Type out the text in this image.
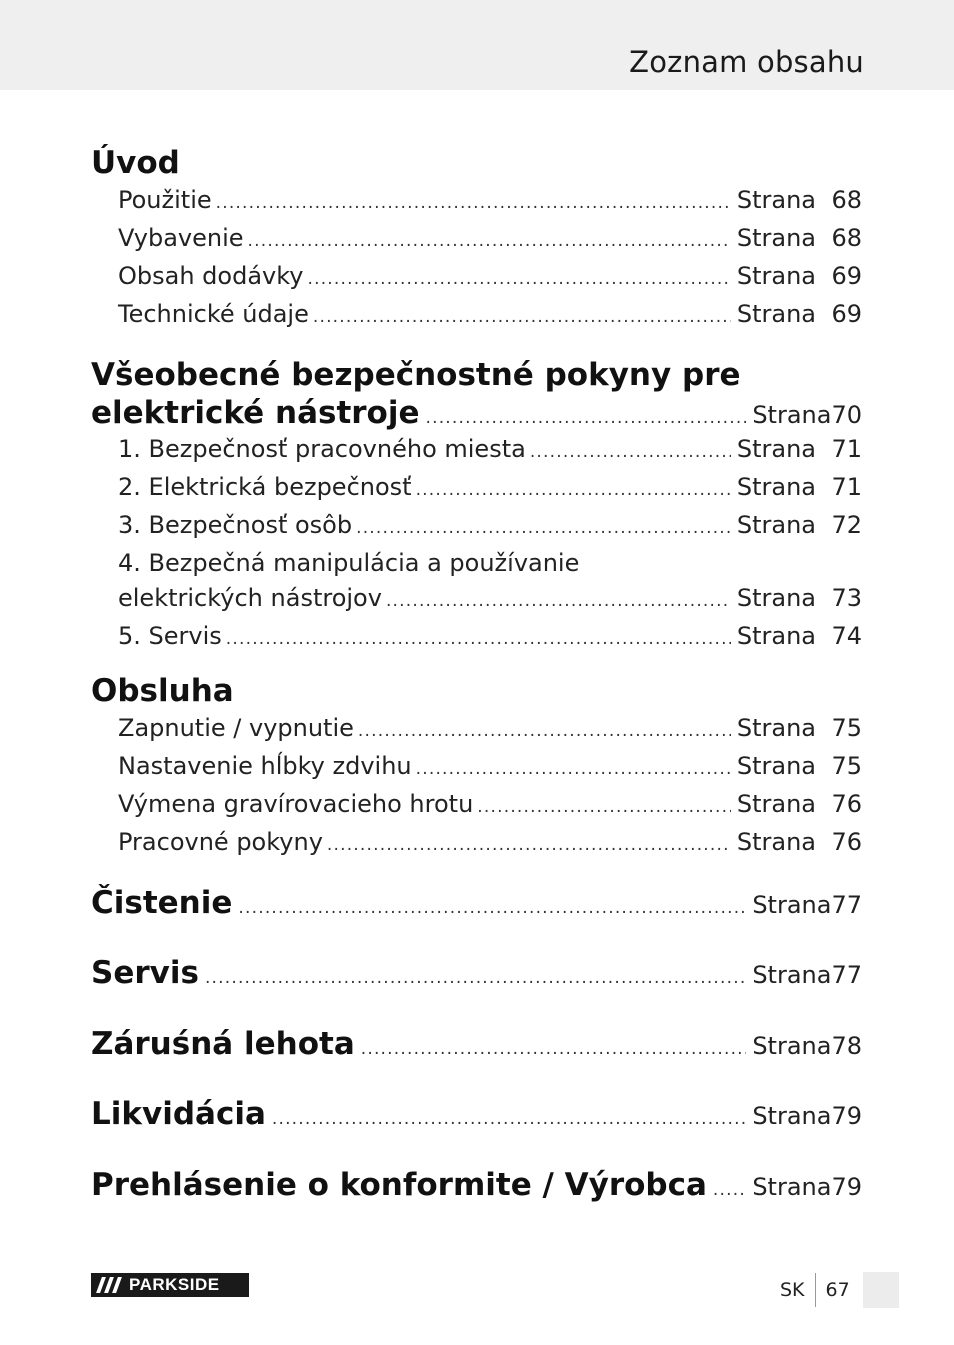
Zoznam obsahu
Úvod
Použitie .....	Strana 68
Vybavenie .....	Strana 68
Obsah dodávky .....	Strana 69
Technické údaje .....	Strana 69
Všeobecné bezpečnostné pokyny pre
elektrické nástroje .....	Strana 70
1. Bezpečnosť pracovného miesta .....	Strana 71
2. Elektrická bezpečnosť .....	Strana 71
3. Bezpečnosť osôb .....	Strana 72
4. Bezpečná manipulácia a používanie
elektrických nástrojov .....	Strana 73
5. Servis .....	Strana 74
Obsluha
Zapnutie / vypnutie .....	Strana 75
Nastavenie hĺbky zdvihu .....	Strana 75
Výmena gravírovacieho hrotu .....	Strana 76
Pracovné pokyny .....	Strana 76
Čistenie .....	Strana 77
Servis .....	Strana 77
Záruśná lehota .....	Strana 78
Likvidácia .....	Strana 79
Prehlásenie o konformite / Výrobca ..... Strana 79
PARKSIDE	SK	67
